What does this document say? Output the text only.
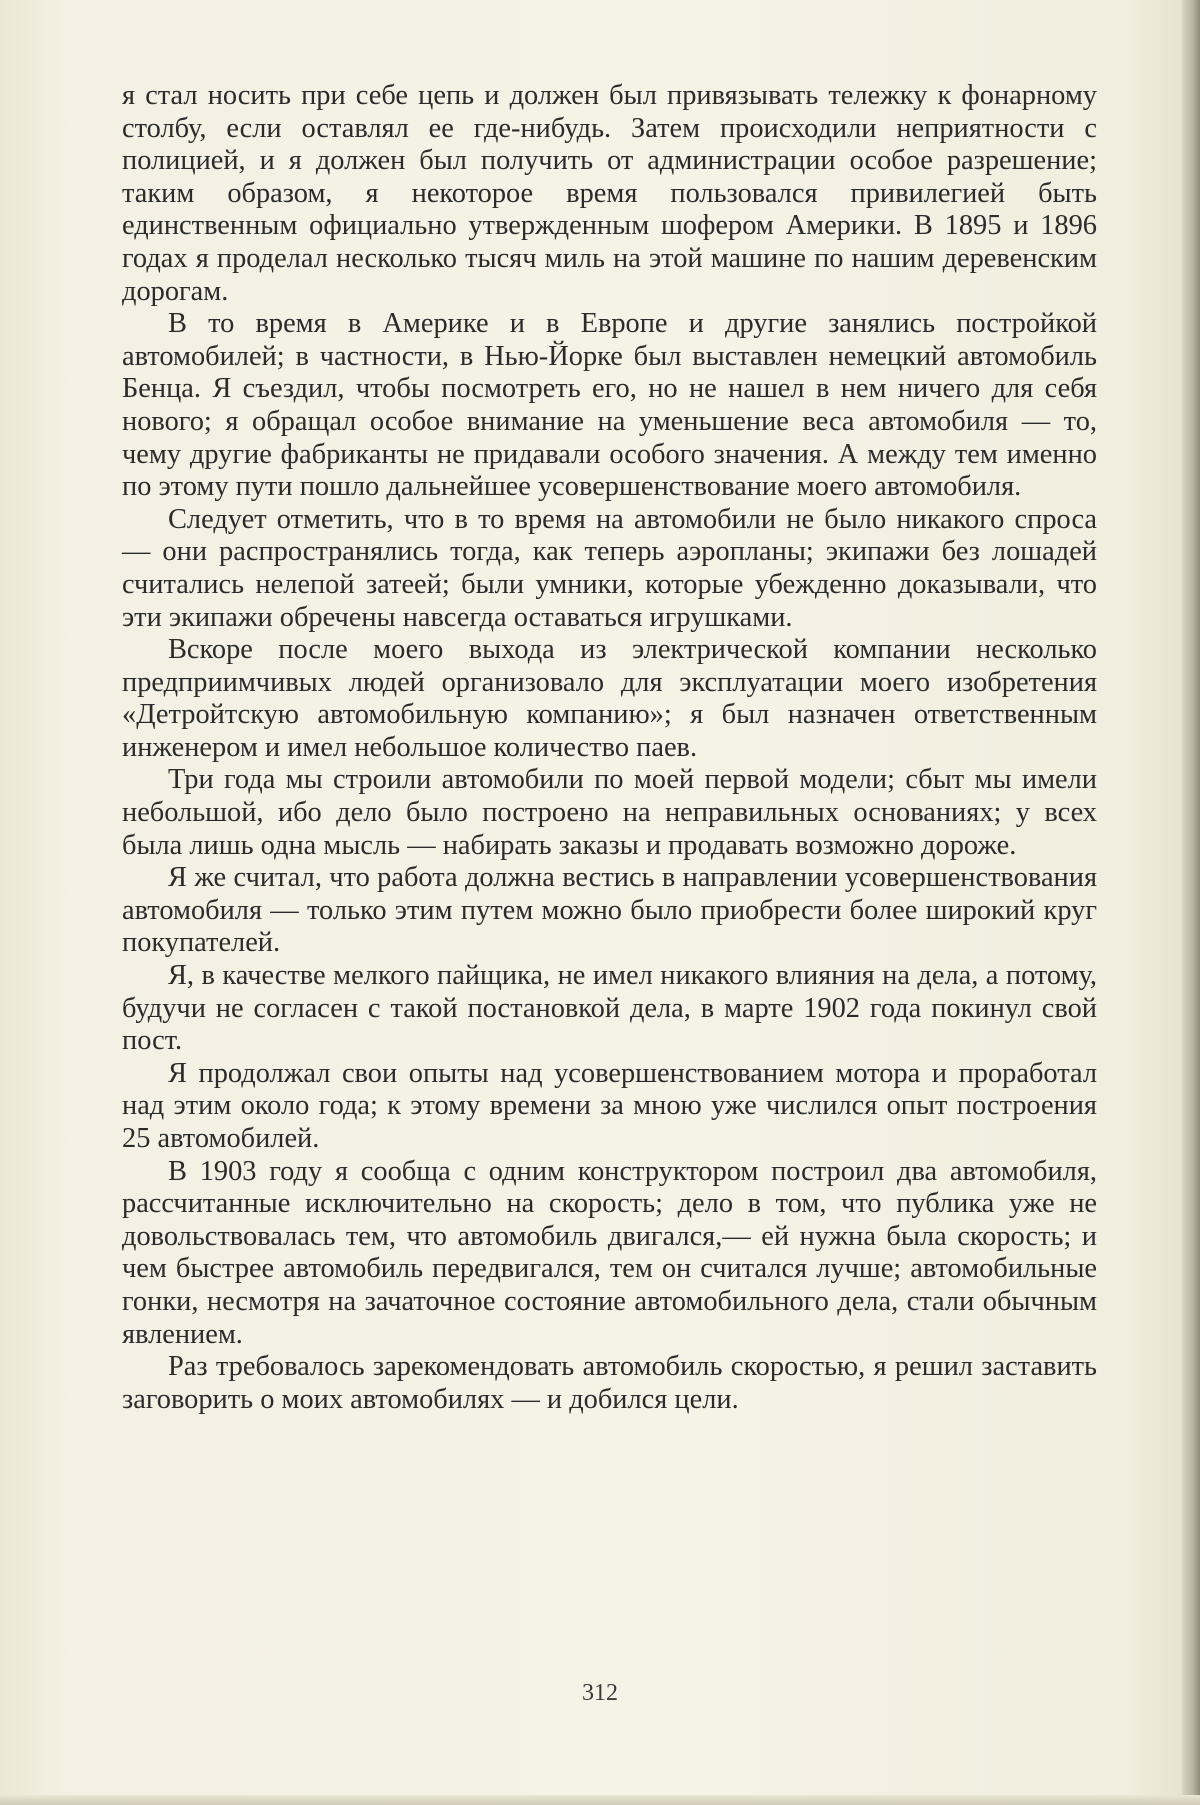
я стал носить при себе цепь и должен был привязывать тележку к фонарному столбу, если оставлял ее где-нибудь. Затем происходили неприятности с полицией, и я должен был получить от администрации особое разрешение; таким образом, я некоторое время пользовался привилегией быть единственным официально утвержденным шофером Америки. В 1895 и 1896 годах я проделал несколько тысяч миль на этой машине по нашим деревенским дорогам.

В то время в Америке и в Европе и другие занялись постройкой автомобилей; в частности, в Нью-Йорке был выставлен немецкий автомобиль Бенца. Я съездил, чтобы посмотреть его, но не нашел в нем ничего для себя нового; я обращал особое внимание на уменьшение веса автомобиля — то, чему другие фабриканты не придавали особого значения. А между тем именно по этому пути пошло дальнейшее усовершенствование моего автомобиля.

Следует отметить, что в то время на автомобили не было никакого спроса — они распространялись тогда, как теперь аэропланы; экипажи без лошадей считались нелепой затеей; были умники, которые убежденно доказывали, что эти экипажи обречены навсегда оставаться игрушками.

Вскоре после моего выхода из электрической компании несколько предприимчивых людей организовало для эксплуатации моего изобретения «Детройтскую автомобильную компанию»; я был назначен ответственным инженером и имел небольшое количество паев.

Три года мы строили автомобили по моей первой модели; сбыт мы имели небольшой, ибо дело было построено на неправильных основаниях; у всех была лишь одна мысль — набирать заказы и продавать возможно дороже.

Я же считал, что работа должна вестись в направлении усовершенствования автомобиля — только этим путем можно было приобрести более широкий круг покупателей.

Я, в качестве мелкого пайщика, не имел никакого влияния на дела, а потому, будучи не согласен с такой постановкой дела, в марте 1902 года покинул свой пост.

Я продолжал свои опыты над усовершенствованием мотора и проработал над этим около года; к этому времени за мною уже числился опыт построения 25 автомобилей.

В 1903 году я сообща с одним конструктором построил два автомобиля, рассчитанные исключительно на скорость; дело в том, что публика уже не довольствовалась тем, что автомобиль двигался,— ей нужна была скорость; и чем быстрее автомобиль передвигался, тем он считался лучше; автомобильные гонки, несмотря на зачаточное состояние автомобильного дела, стали обычным явлением.

Раз требовалось зарекомендовать автомобиль скоростью, я решил заставить заговорить о моих автомобилях — и добился цели.

312
